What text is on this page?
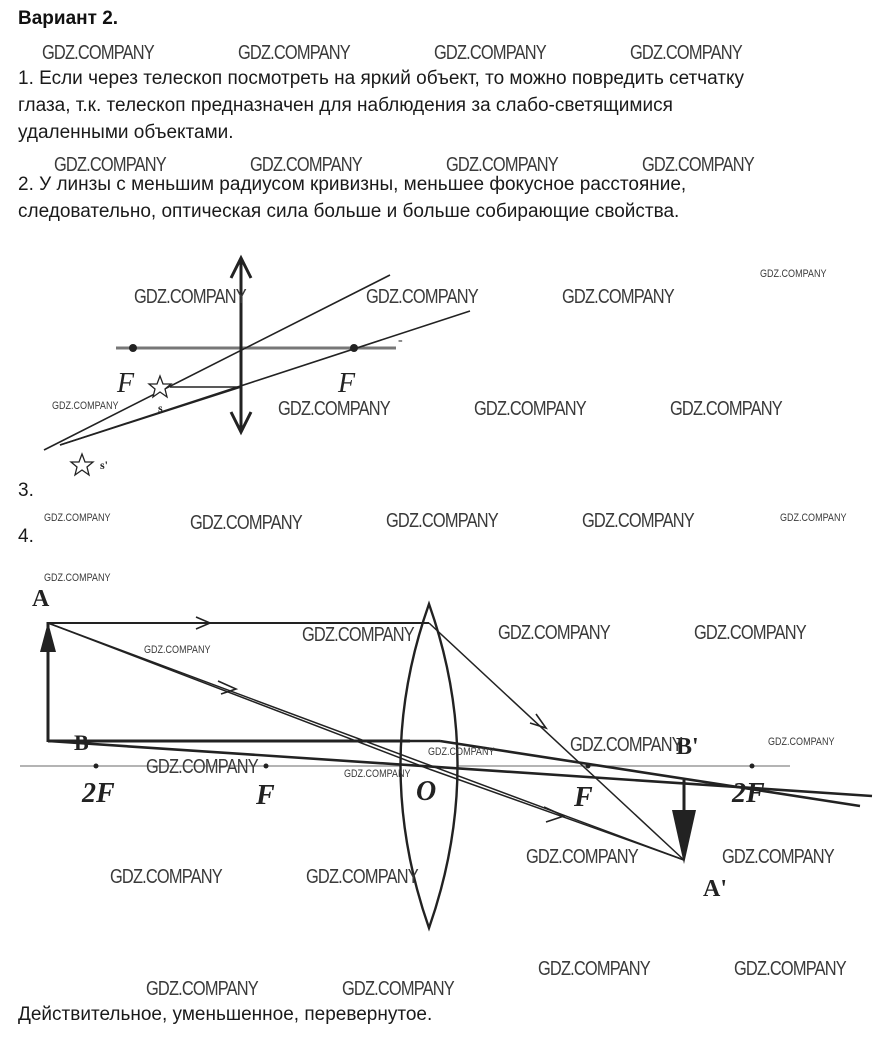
Вариант 2.
1. Если через телескоп посмотреть на яркий объект, то можно повредить сетчатку
глаза, т.к. телескоп предназначен для наблюдения за слабо-светящимися
удаленными объектами.
2. У линзы с меньшим радиусом кривизны, меньшее фокусное расстояние,
следовательно, оптическая сила больше и больше собирающие свойства.
3.
4.
Действительное, уменьшенное, перевернутое.
F	F
s
s'
-
A
B	B'
A'
2F	F	O	F	2F
GDZ.COMPANY	GDZ.COMPANY	GDZ.COMPANY	GDZ.COMPANY
GDZ.COMPANY	GDZ.COMPANY	GDZ.COMPANY	GDZ.COMPANY
GDZ.COMPANY
GDZ.COMPANY	GDZ.COMPANY	GDZ.COMPANY
GDZ.COMPANY	GDZ.COMPANY	GDZ.COMPANY	GDZ.COMPANY
GDZ.COMPANY	GDZ.COMPANY	GDZ.COMPANY	GDZ.COMPANY	GDZ.COMPANY
GDZ.COMPANY
GDZ.COMPANY	GDZ.COMPANY	GDZ.COMPANY
GDZ.COMPANY
GDZ.COMPANY	GDZ.COMPANY
GDZ.COMPANY
GDZ.COMPANY	GDZ.COMPANY
GDZ.COMPANY	GDZ.COMPANY
GDZ.COMPANY	GDZ.COMPANY
GDZ.COMPANY	GDZ.COMPANY
GDZ.COMPANY	GDZ.COMPANY
